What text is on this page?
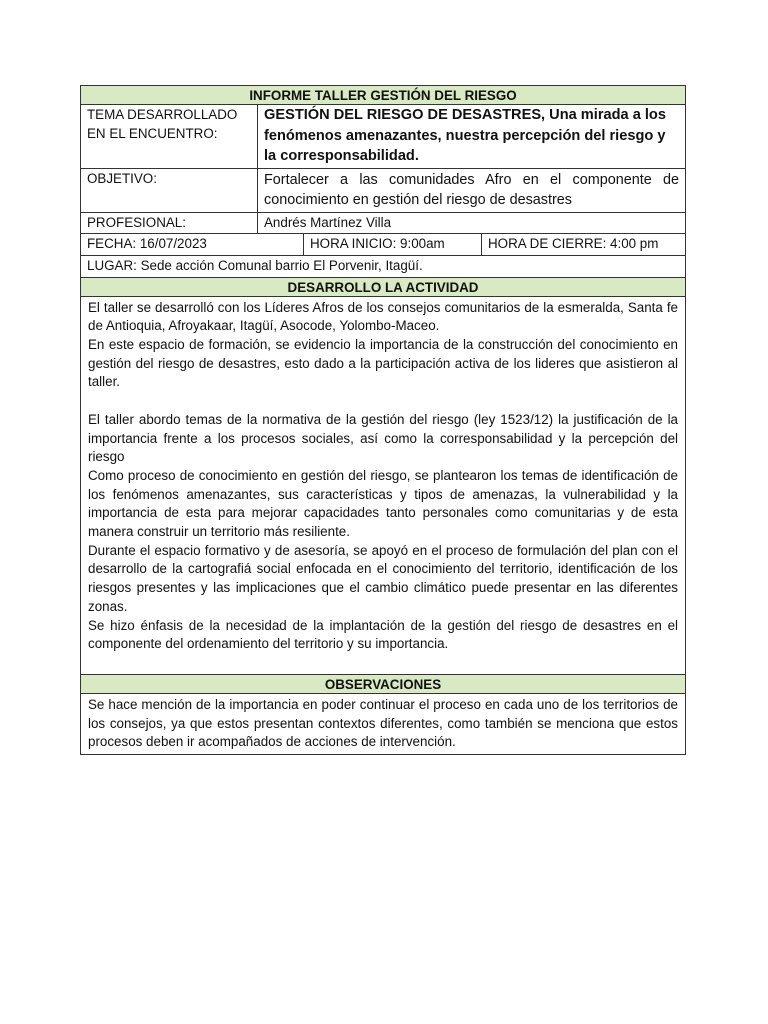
INFORME TALLER GESTIÓN DEL RIESGO
TEMA DESARROLLADO EN EL ENCUENTRO:
GESTIÓN DEL RIESGO DE DESASTRES, Una mirada a los fenómenos amenazantes, nuestra percepción del riesgo y la corresponsabilidad.
OBJETIVO:	Fortalecer a las comunidades Afro en el componente de conocimiento en gestión del riesgo de desastres
PROFESIONAL:	Andrés Martínez Villa
FECHA: 16/07/2023	HORA INICIO: 9:00am	HORA DE CIERRE: 4:00 pm
LUGAR: Sede acción Comunal barrio El Porvenir, Itagüí.
DESARROLLO LA ACTIVIDAD

El taller se desarrolló con los Líderes Afros de los consejos comunitarios de la esmeralda, Santa fe de Antioquia, Afroyakaar, Itagüí, Asocode, Yolombo-Maceo.

En este espacio de formación, se evidencio la importancia de la construcción del conocimiento en gestión del riesgo de desastres, esto dado a la participación activa de los lideres que asistieron al taller.

El taller abordo temas de la normativa de la gestión del riesgo (ley 1523/12) la justificación de la importancia frente a los procesos sociales, así como la corresponsabilidad y la percepción del riesgo

Como proceso de conocimiento en gestión del riesgo, se plantearon los temas de identificación de los fenómenos amenazantes, sus características y tipos de amenazas, la vulnerabilidad y la importancia de esta para mejorar capacidades tanto personales como comunitarias y de esta manera construir un territorio más resiliente.

Durante el espacio formativo y de asesoría, se apoyó en el proceso de formulación del plan con el desarrollo de la cartografiá social enfocada en el conocimiento del territorio, identificación de los riesgos presentes y las implicaciones que el cambio climático puede presentar en las diferentes zonas.

Se hizo énfasis de la necesidad de la implantación de la gestión del riesgo de desastres en el componente del ordenamiento del territorio y su importancia.

OBSERVACIONES
Se hace mención de la importancia en poder continuar el proceso en cada uno de los territorios de los consejos, ya que estos presentan contextos diferentes, como también se menciona que estos procesos deben ir acompañados de acciones de intervención.
